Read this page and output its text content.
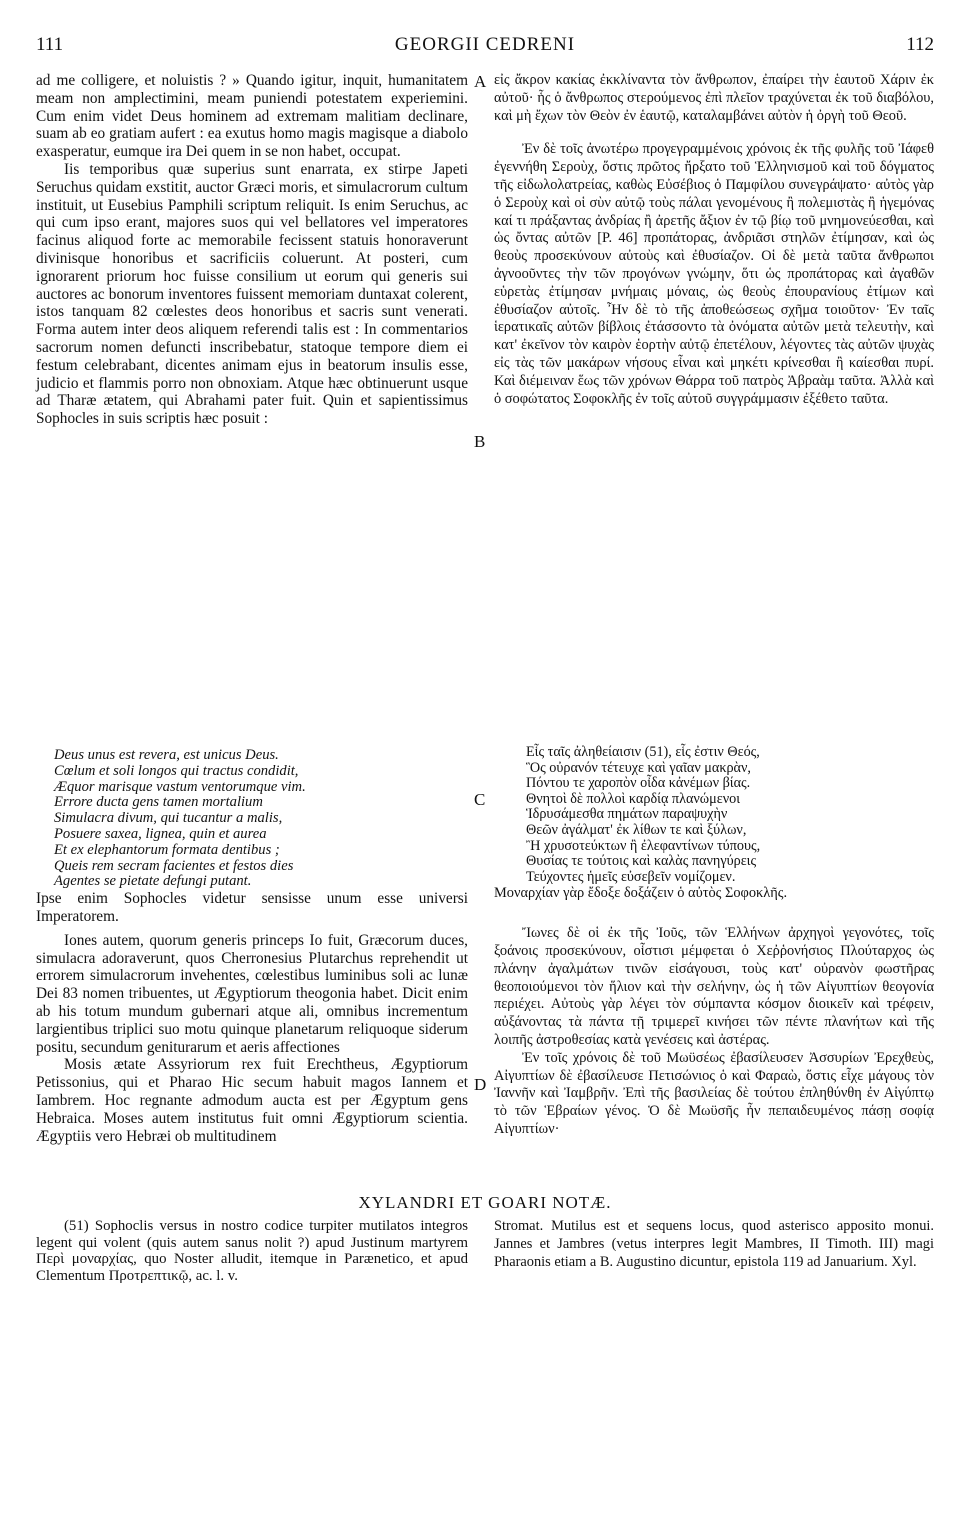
111	GEORGII CEDRENI	112
A
B
C
D

ad me colligere, et noluistis ? » Quando igitur, inquit, humanitatem meam non amplectimini, meam puniendi potestatem experiemini. Cum enim videt Deus hominem ad extremam malitiam declinare, suam ab eo gratiam aufert : ea exutus homo magis magisque a diabolo exasperatur, eumque ira Dei quem in se non habet, occupat.

Iis temporibus quæ superius sunt enarrata, ex stirpe Japeti Seruchus quidam exstitit, auctor Græci moris, et simulacrorum cultum instituit, ut Eusebius Pamphili scriptum reliquit. Is enim Seruchus, ac qui cum ipso erant, majores suos qui vel bellatores vel imperatores facinus aliquod forte ac memorabile fecissent statuis honoraverunt divinisque honoribus et sacrificiis coluerunt. At posteri, cum ignorarent priorum hoc fuisse consilium ut eorum qui generis sui auctores ac bonorum inventores fuissent memoriam duntaxat colerent, istos tanquam 82 cœlestes deos honoribus et sacris sunt venerati. Forma autem inter deos aliquem referendi talis est : In commentarios sacrorum nomen defuncti inscribebatur, statoque tempore diem ei festum celebrabant, dicentes animam ejus in beatorum insulis esse, judicio et flammis porro non obnoxiam. Atque hæc obtinuerunt usque ad Tharæ ætatem, qui Abrahami pater fuit. Quin et sapientissimus Sophocles in suis scriptis hæc posuit :

εἰς ἄκρον κακίας ἐκκλίναντα τὸν ἄνθρωπον, ἐπαίρει τὴν ἑαυτοῦ Χάριν ἐκ αὐτοῦ· ἧς ὁ ἄνθρωπος στερούμενος ἐπὶ πλεῖον τραχύνεται ἐκ τοῦ διαβόλου, καὶ μὴ ἔχων τὸν Θεὸν ἐν ἑαυτῷ, καταλαμβάνει αὐτὸν ἡ ὀργὴ τοῦ Θεοῦ.

Ἐν δὲ τοῖς ἀνωτέρω προγεγραμμένοις χρόνοις ἐκ τῆς φυλῆς τοῦ Ἰάφεθ ἐγεννήθη Σεροὺχ, ὅστις πρῶτος ἤρξατο τοῦ Ἑλληνισμοῦ καὶ τοῦ δόγματος τῆς εἰδωλολατρείας, καθὼς Εὐσέβιος ὁ Παμφίλου συνεγράψατο· αὐτὸς γὰρ ὁ Σεροὺχ καὶ οἱ σὺν αὐτῷ τοὺς πάλαι γενομένους ἢ πολεμιστὰς ἢ ἡγεμόνας καί τι πράξαντας ἀνδρίας ἢ ἀρετῆς ἄξιον ἐν τῷ βίῳ τοῦ μνημονεύεσθαι, καὶ ὡς ὄντας αὐτῶν [P. 46] προπάτορας, ἀνδριᾶσι στηλῶν ἐτίμησαν, καὶ ὡς θεοὺς προσεκύνουν αὐτοὺς καὶ ἐθυσίαζον. Οἱ δὲ μετὰ ταῦτα ἄνθρωποι ἀγνοοῦντες τὴν τῶν προγόνων γνώμην, ὅτι ὡς προπάτορας καὶ ἀγαθῶν εὑρετὰς ἐτίμησαν μνήμαις μόναις, ὡς θεοὺς ἐπουρανίους ἐτίμων καὶ ἐθυσίαζον αὐτοῖς. Ἦν δὲ τὸ τῆς ἀποθεώσεως σχῆμα τοιοῦτον· Ἐν ταῖς ἱερατικαῖς αὐτῶν βίβλοις ἐτάσσοντο τὰ ὀνόματα αὐτῶν μετὰ τελευτὴν, καὶ κατ' ἐκεῖνον τὸν καιρὸν ἑορτὴν αὐτῷ ἐπετέλουν, λέγοντες τὰς αὐτῶν ψυχὰς εἰς τὰς τῶν μακάρων νήσους εἶναι καὶ μηκέτι κρίνεσθαι ἢ καίεσθαι πυρί. Καὶ διέμειναν ἕως τῶν χρόνων Θάρρα τοῦ πατρὸς Ἀβραὰμ ταῦτα. Ἀλλὰ καὶ ὁ σοφώτατος Σοφοκλῆς ἐν τοῖς αὐτοῦ συγγράμμασιν ἐξέθετο ταῦτα.

Deus unus est revera, est unicus Deus.
Cœlum et soli longos qui tractus condidit,
Æquor marisque vastum ventorumque vim.
Errore ducta gens tamen mortalium
Simulacra divum, qui tucantur a malis,
Posuere saxea, lignea, quin et aurea
Et ex elephantorum formata dentibus ;
Queis rem secram facientes et festos dies
Agentes se pietate defungi putant.

Ipse enim Sophocles videtur sensisse unum esse universi Imperatorem.

Iones autem, quorum generis princeps Io fuit, Græcorum duces, simulacra adoraverunt, quos Cherronesius Plutarchus reprehendit ut errorem simulacrorum invehentes, cœlestibus luminibus soli ac lunæ Dei 83 nomen tribuentes, ut Ægyptiorum theogonia habet. Dicit enim ab his totum mundum gubernari atque ali, omnibus incrementum largientibus triplici suo motu quinque planetarum reliquoque siderum positu, secundum geniturarum et aeris affectiones

Mosis ætate Assyriorum rex fuit Erechtheus, Ægyptiorum Petissonius, qui et Pharao Hic secum habuit magos Iannem et Iambrem. Hoc regnante admodum aucta est per Ægyptum gens Hebraica. Moses autem institutus fuit omni Ægyptiorum scientia. Ægyptiis vero Hebræi ob multitudinem

Εἷς ταῖς ἀληθείαισιν (51), εἷς ἐστιν Θεός,
Ὃς οὐρανόν τέτευχε καὶ γαῖαν μακρὰν,
Πόντου τε χαροπὸν οἶδα κἀνέμων βίας.
Θνητοὶ δὲ πολλοὶ καρδίᾳ πλανώμενοι
Ἱδρυσάμεσθα πημάτων παραψυχὴν
Θεῶν ἀγάλματ' ἐκ λίθων τε καὶ ξύλων,
Ἢ χρυσοτεύκτων ἢ ἐλεφαντίνων τύπους,
Θυσίας τε τούτοις καὶ καλὰς πανηγύρεις
Τεύχοντες ἡμεῖς εὐσεβεῖν νομίζομεν.

Μοναρχίαν γὰρ ἔδοξε δοξάζειν ὁ αὐτὸς Σοφοκλῆς.

Ἴωνες δὲ οἱ ἐκ τῆς Ἰοῦς, τῶν Ἑλλήνων ἀρχηγοὶ γεγονότες, τοῖς ξοάνοις προσεκύνουν, οἷστισι μέμφεται ὁ Χεῤῥονήσιος Πλούταρχος ὡς πλάνην ἀγαλμάτων τινῶν εἰσάγουσι, τοὺς κατ' οὐρανὸν φωστῆρας θεοποιούμενοι τὸν ἥλιον καὶ τὴν σελήνην, ὡς ἡ τῶν Αἰγυπτίων θεογονία περιέχει. Αὐτοὺς γὰρ λέγει τὸν σύμπαντα κόσμον διοικεῖν καὶ τρέφειν, αὐξάνοντας τὰ πάντα τῇ τριμερεῖ κινήσει τῶν πέντε πλανήτων καὶ τῆς λοιπῆς ἀστροθεσίας κατὰ γενέσεις καὶ ἀστέρας.

Ἐν τοῖς χρόνοις δὲ τοῦ Μωϋσέως ἐβασίλευσεν Ἀσσυρίων Ἐρεχθεὺς, Αἰγυπτίων δὲ ἐβασίλευσε Πετισώνιος ὁ καὶ Φαραὼ, ὅστις εἶχε μάγους τὸν Ἰαννῆν καὶ Ἰαμβρῆν. Ἐπὶ τῆς βασιλείας δὲ τούτου ἐπληθύνθη ἐν Αἰγύπτῳ τὸ τῶν Ἑβραίων γένος. Ὁ δὲ Μωϋσῆς ἦν πεπαιδευμένος πάσῃ σοφίᾳ Αἰγυπτίων·

XYLANDRI ET GOARI NOTÆ.

(51) Sophoclis versus in nostro codice turpiter mutilatos integros legent qui volent (quis autem sanus nolit ?) apud Justinum martyrem Περὶ μοναρχίας, quo Noster alludit, itemque in Parænetico, et apud Clementum Προτρεπτικῷ, ac. l. v.

Stromat. Mutilus est et sequens locus, quod asterisco apposito monui. Jannes et Jambres (vetus interpres legit Mambres, II Timoth. III) magi Pharaonis etiam a B. Augustino dicuntur, epistola 119 ad Januarium. Xyl.
